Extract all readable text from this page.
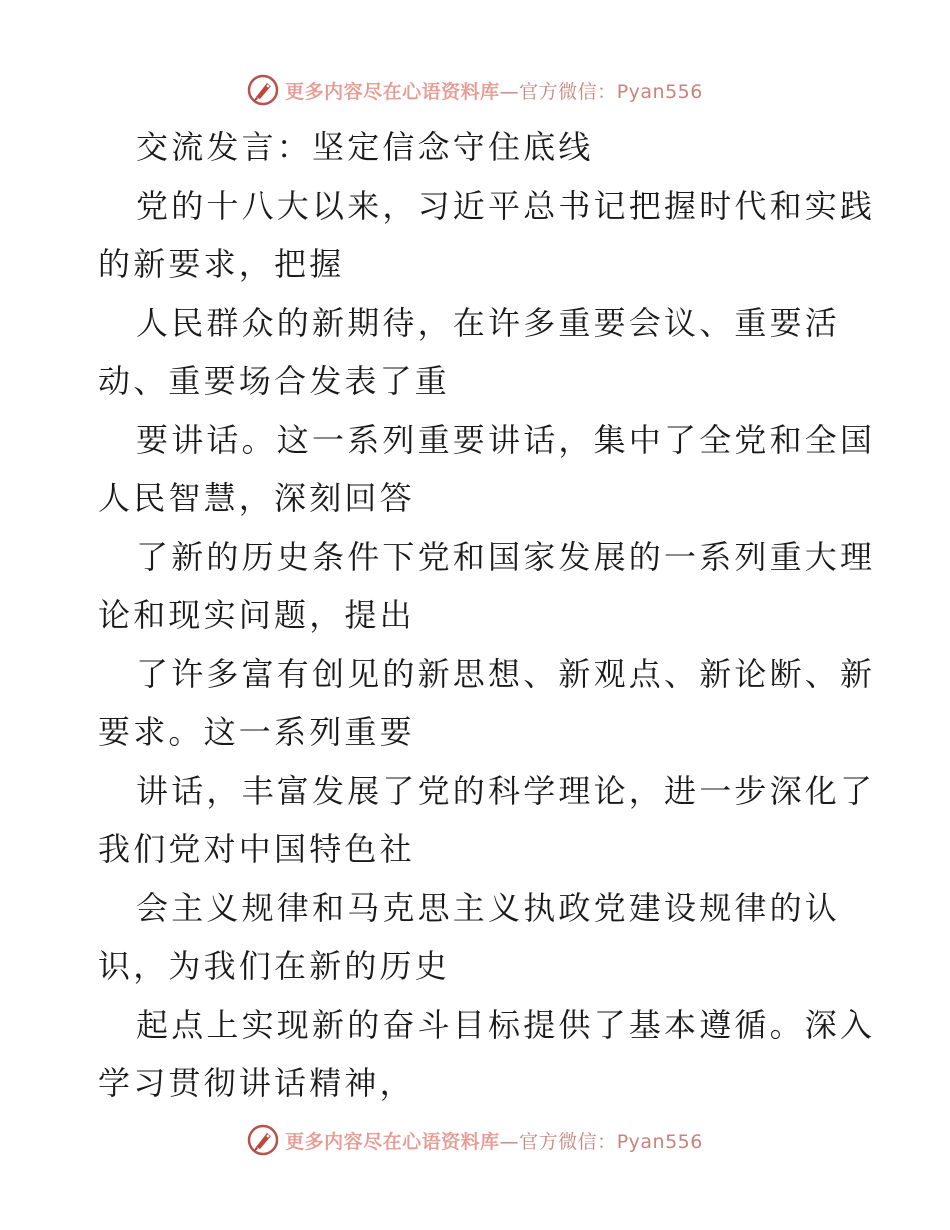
更多内容尽在心语资料库—官方微信：Pyan556
交流发言：坚定信念守住底线
党的十八大以来，习近平总书记把握时代和实践
的新要求，把握
人民群众的新期待，在许多重要会议、重要活
动、重要场合发表了重
要讲话。这一系列重要讲话，集中了全党和全国
人民智慧，深刻回答
了新的历史条件下党和国家发展的一系列重大理
论和现实问题，提出
了许多富有创见的新思想、新观点、新论断、新
要求。这一系列重要
讲话，丰富发展了党的科学理论，进一步深化了
我们党对中国特色社
会主义规律和马克思主义执政党建设规律的认
识，为我们在新的历史
起点上实现新的奋斗目标提供了基本遵循。深入
学习贯彻讲话精神，
更多内容尽在心语资料库—官方微信：Pyan556
